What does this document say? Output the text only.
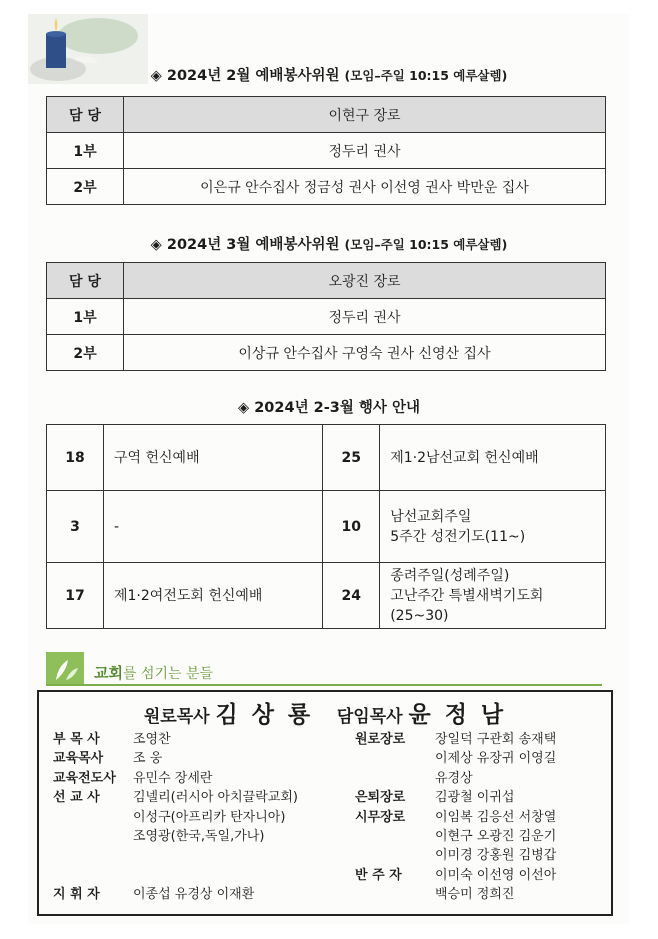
◈ 2024년 2월 예배봉사위원 (모임–주일 10:15 예루살렘)
담 당	이현구 장로
1부	정두리 권사
2부	이은규 안수집사 정금성 권사 이선영 권사 박만운 집사
◈ 2024년 3월 예배봉사위원 (모임–주일 10:15 예루살렘)
담 당	오광진 장로
1부	정두리 권사
2부	이상규 안수집사 구영숙 권사 신영산 집사
◈ 2024년 2-3월 행사 안내
18	구역 헌신예배	25	제1·2남선교회 헌신예배
3	-	10	남선교회주일
5주간 성전기도(11~)
17	제1·2여전도회 헌신예배	24	종려주일(성례주일)
고난주간 특별새벽기도회
(25~30)
교회를 섬기는 분들
원로목사 김 상 룡 담임목사 윤 정 남
부 목 사	조영찬
교육목사	조 웅
교육전도사	유민수 장세란
선 교 사	김넬리(러시아 아치끌락교회)

이성구(아프리카 탄자니아)

조영광(한국,독일,가나)

지 휘 자	이종섭 유경상 이재환
원로장로	장일덕 구관회 송재택

이제상 유장귀 이영길

유경상
은퇴장로	김광철 이귀섭
시무장로	이임복 김응선 서창열

이현구 오광진 김운기

이미경 강홍원 김병갑
반 주 자	이미숙 이선영 이선아

백승미 정희진
